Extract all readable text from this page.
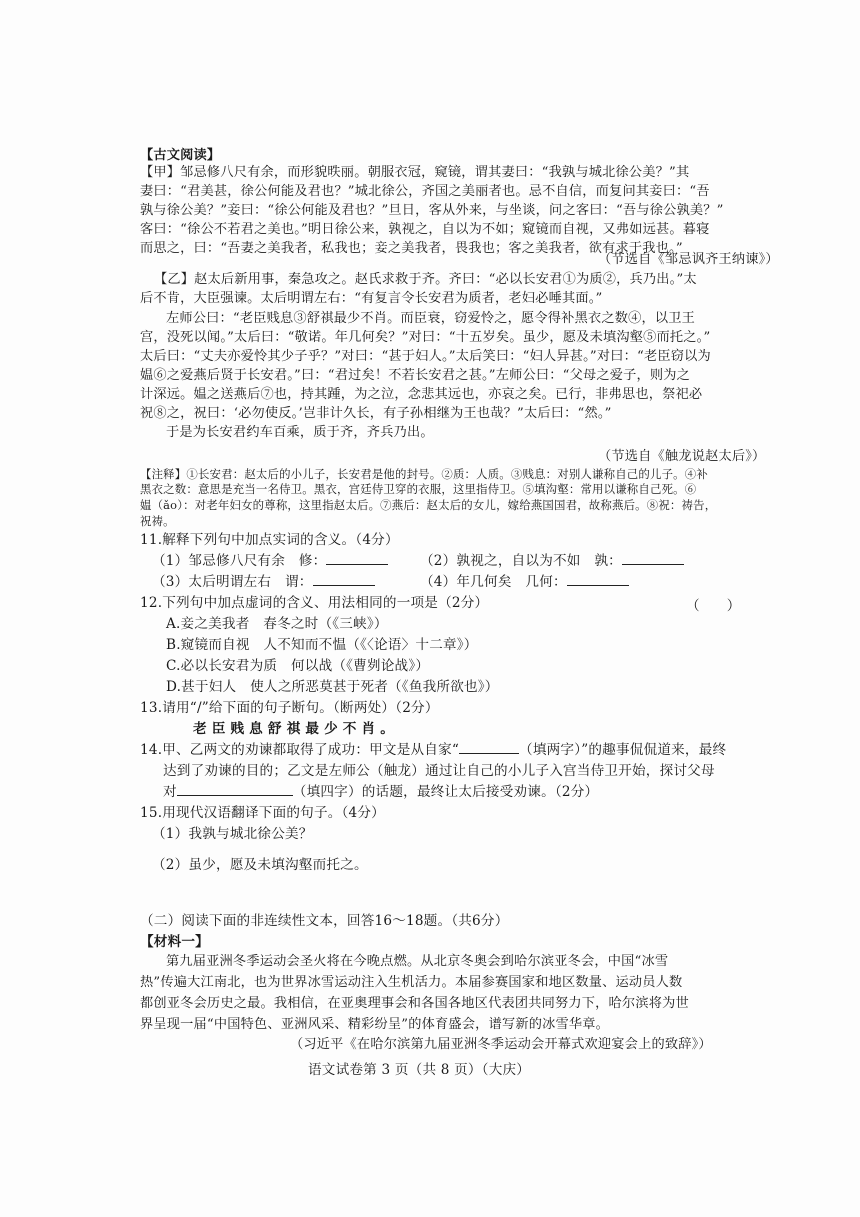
【古文阅读】
【甲】邹忌修八尺有余，而形貌昳丽。朝服衣冠，窥镜，谓其妻曰：“我孰与城北徐公美？”其
妻曰：“君美甚，徐公何能及君也？”城北徐公，齐国之美丽者也。忌不自信，而复问其妾曰：“吾
孰与徐公美？”妾曰：“徐公何能及君也？”旦日，客从外来，与坐谈，问之客曰：“吾与徐公孰美？”
客曰：“徐公不若君之美也。”明日徐公来，孰视之，自以为不如；窥镜而自视，又弗如远甚。暮寝
而思之，曰：“吾妻之美我者，私我也；妾之美我者，畏我也；客之美我者，欲有求于我也。”
（节选自《邹忌讽齐王纳谏》）
【乙】赵太后新用事，秦急攻之。赵氏求救于齐。齐曰：“必以长安君①为质②，兵乃出。”太
后不肯，大臣强谏。太后明谓左右：“有复言令长安君为质者，老妇必唾其面。”
左师公曰：“老臣贱息③舒祺最少不肖。而臣衰，窃爱怜之，愿令得补黑衣之数④，以卫王
宫，没死以闻。”太后曰：“敬诺。年几何矣？”对曰：“十五岁矣。虽少，愿及未填沟壑⑤而托之。”
太后曰：“丈夫亦爱怜其少子乎？”对曰：“甚于妇人。”太后笑曰：“妇人异甚。”对曰：“老臣窃以为
媪⑥之爱燕后贤于长安君。”曰：“君过矣！不若长安君之甚。”左师公曰：“父母之爱子，则为之
计深远。媪之送燕后⑦也，持其踵，为之泣，念悲其远也，亦哀之矣。已行，非弗思也，祭祀必
祝⑧之，祝曰：‘必勿使反。’岂非计久长，有子孙相继为王也哉？”太后曰：“然。”
于是为长安君约车百乘，质于齐，齐兵乃出。
（节选自《触龙说赵太后》）
【注释】①长安君：赵太后的小儿子，长安君是他的封号。②质：人质。③贱息：对别人谦称自己的儿子。④补
黑衣之数：意思是充当一名侍卫。黑衣，宫廷侍卫穿的衣服，这里指侍卫。⑤填沟壑：常用以谦称自己死。⑥
媪（ǎo）：对老年妇女的尊称，这里指赵太后。⑦燕后：赵太后的女儿，嫁给燕国国君，故称燕后。⑧祝：祷告，
祝祷。
11.解释下列句中加点实词的含义。（4分）
（1）邹忌修八尺有余　 修：	（2）孰视之，自以为不如　 孰：
（3）太后明谓左右　 谓：	（4）年几何矣　 几何：
12.下列句中加点虚词的含义、用法相同的一项是（2分）	（　　）
A.妾之美我者　春冬之时（《三峡》）
B.窥镜而自视　人不知而不愠（《〈论语〉十二章》）
C.必以长安君为质　何以战（《曹刿论战》）
D.甚于妇人　使人之所恶莫甚于死者（《鱼我所欲也》）
13.请用“/”给下面的句子断句。（断两处）（2分）
老 臣 贱 息 舒 祺 最 少 不 肖 。
14.甲、乙两文的劝谏都取得了成功：甲文是从自家“	（填两字）”的趣事侃侃道来，最终
达到了劝谏的目的；乙文是左师公（触龙）通过让自己的小儿子入宫当侍卫开始，探讨父母
对	（填四字）的话题，最终让太后接受劝谏。（2分）
15.用现代汉语翻译下面的句子。（4分）
（1）我孰与城北徐公美？
（2）虽少，愿及未填沟壑而托之。
（二）阅读下面的非连续性文本，回答16～18题。（共6分）
【材料一】
第九届亚洲冬季运动会圣火将在今晚点燃。从北京冬奥会到哈尔滨亚冬会，中国“冰雪
热”传遍大江南北，也为世界冰雪运动注入生机活力。本届参赛国家和地区数量、运动员人数
都创亚冬会历史之最。我相信，在亚奥理事会和各国各地区代表团共同努力下，哈尔滨将为世
界呈现一届“中国特色、亚洲风采、精彩纷呈”的体育盛会，谱写新的冰雪华章。
（习近平《在哈尔滨第九届亚洲冬季运动会开幕式欢迎宴会上的致辞》）
语文试卷第 3 页（共 8 页）（大庆）
